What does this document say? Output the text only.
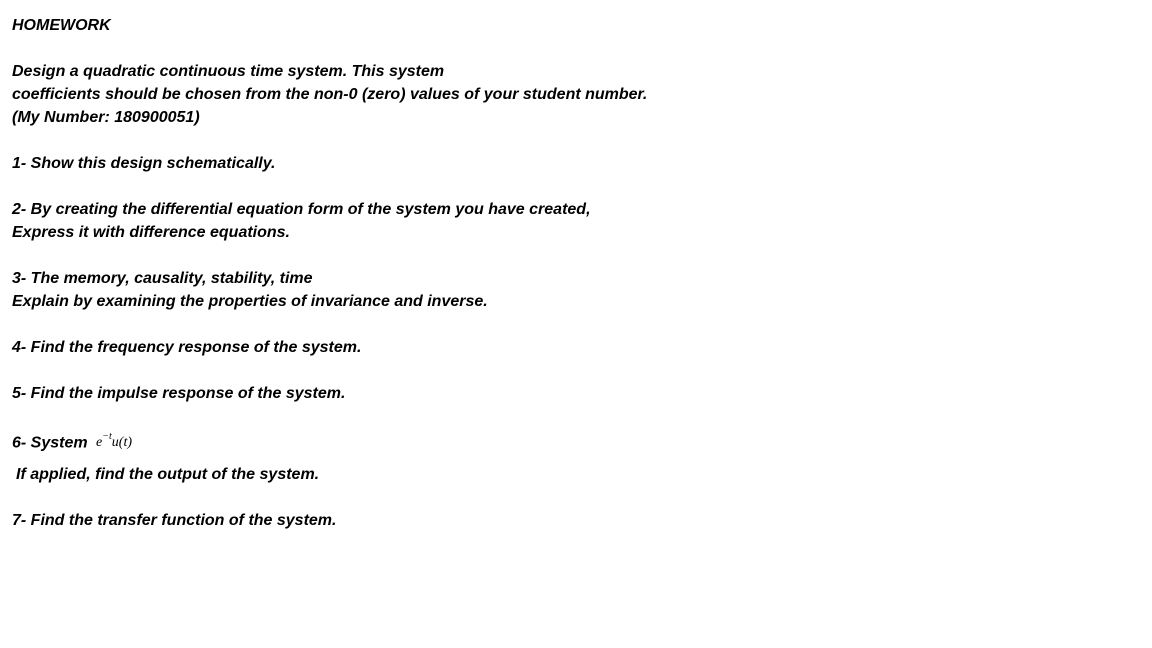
HOMEWORK
Design a quadratic continuous time system. This system
coefficients should be chosen from the non-0 (zero) values of your student number.
(My Number: 180900051)
1- Show this design schematically.
2- By creating the differential equation form of the system you have created,
Express it with difference equations.
3- The memory, causality, stability, time
Explain by examining the properties of invariance and inverse.
4- Find the frequency response of the system.
5- Find the impulse response of the system.
6- System $e^{-t}u(t)$
If applied, find the output of the system.
7- Find the transfer function of the system.
